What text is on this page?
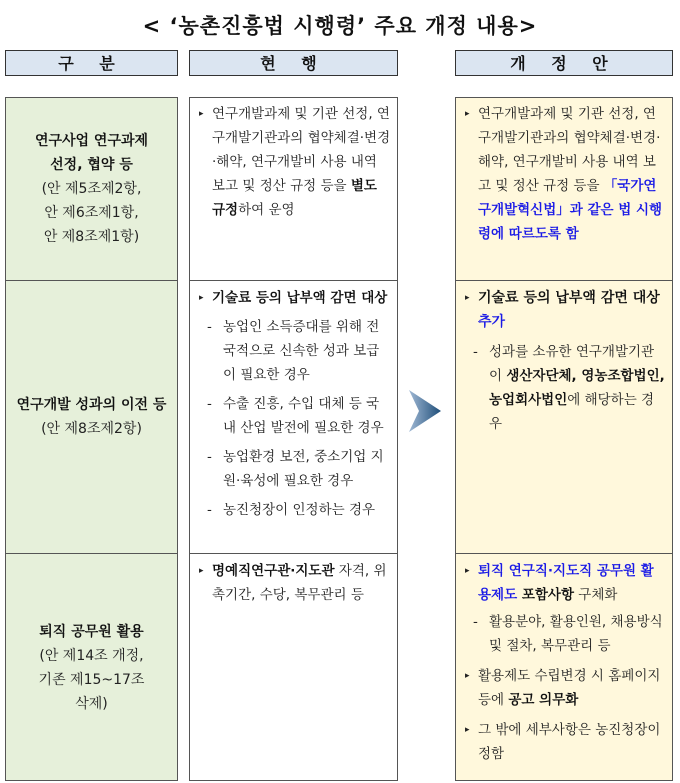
< ‘농촌진흥법 시행령’ 주요 개정 내용>
구 분	현 행	개 정 안
연구사업 연구과제
선정, 협약 등
(안 제5조제2항,
안 제6조제1항,
안 제8조제1항)
연구개발 성과의 이전 등
(안 제8조제2항)
퇴직 공무원 활용
(안 제14조 개정,
기존 제15~17조
삭제)

▸ 연구개발과제 및 기관 선정, 연구개발기관과의 협약체결·변경·해약, 연구개발비 사용 내역 보고 및 정산 규정 등을 별도 규정하여 운영

▸ 기술료 등의 납부액 감면 대상

- 농업인 소득증대를 위해 전국적으로 신속한 성과 보급이 필요한 경우

- 수출 진흥, 수입 대체 등 국내 산업 발전에 필요한 경우

- 농업환경 보전, 중소기업 지원·육성에 필요한 경우

- 농진청장이 인정하는 경우

▸ 명예직연구관·지도관 자격, 위촉기간, 수당, 복무관리 등

▸ 연구개발과제 및 기관 선정, 연구개발기관과의 협약체결·변경·해약, 연구개발비 사용 내역 보고 및 정산 규정 등을 「국가연구개발혁신법」과 같은 법 시행령에 따르도록 함

▸ 기술료 등의 납부액 감면 대상 추가

- 성과를 소유한 연구개발기관이 생산자단체, 영농조합법인, 농업회사법인에 해당하는 경우

▸ 퇴직 연구직·지도직 공무원 활용제도 포함사항 구체화

- 활용분야, 활용인원, 채용방식 및 절차, 복무관리 등

▸ 활용제도 수립변경 시 홈페이지 등에 공고 의무화

▸ 그 밖에 세부사항은 농진청장이 정함
